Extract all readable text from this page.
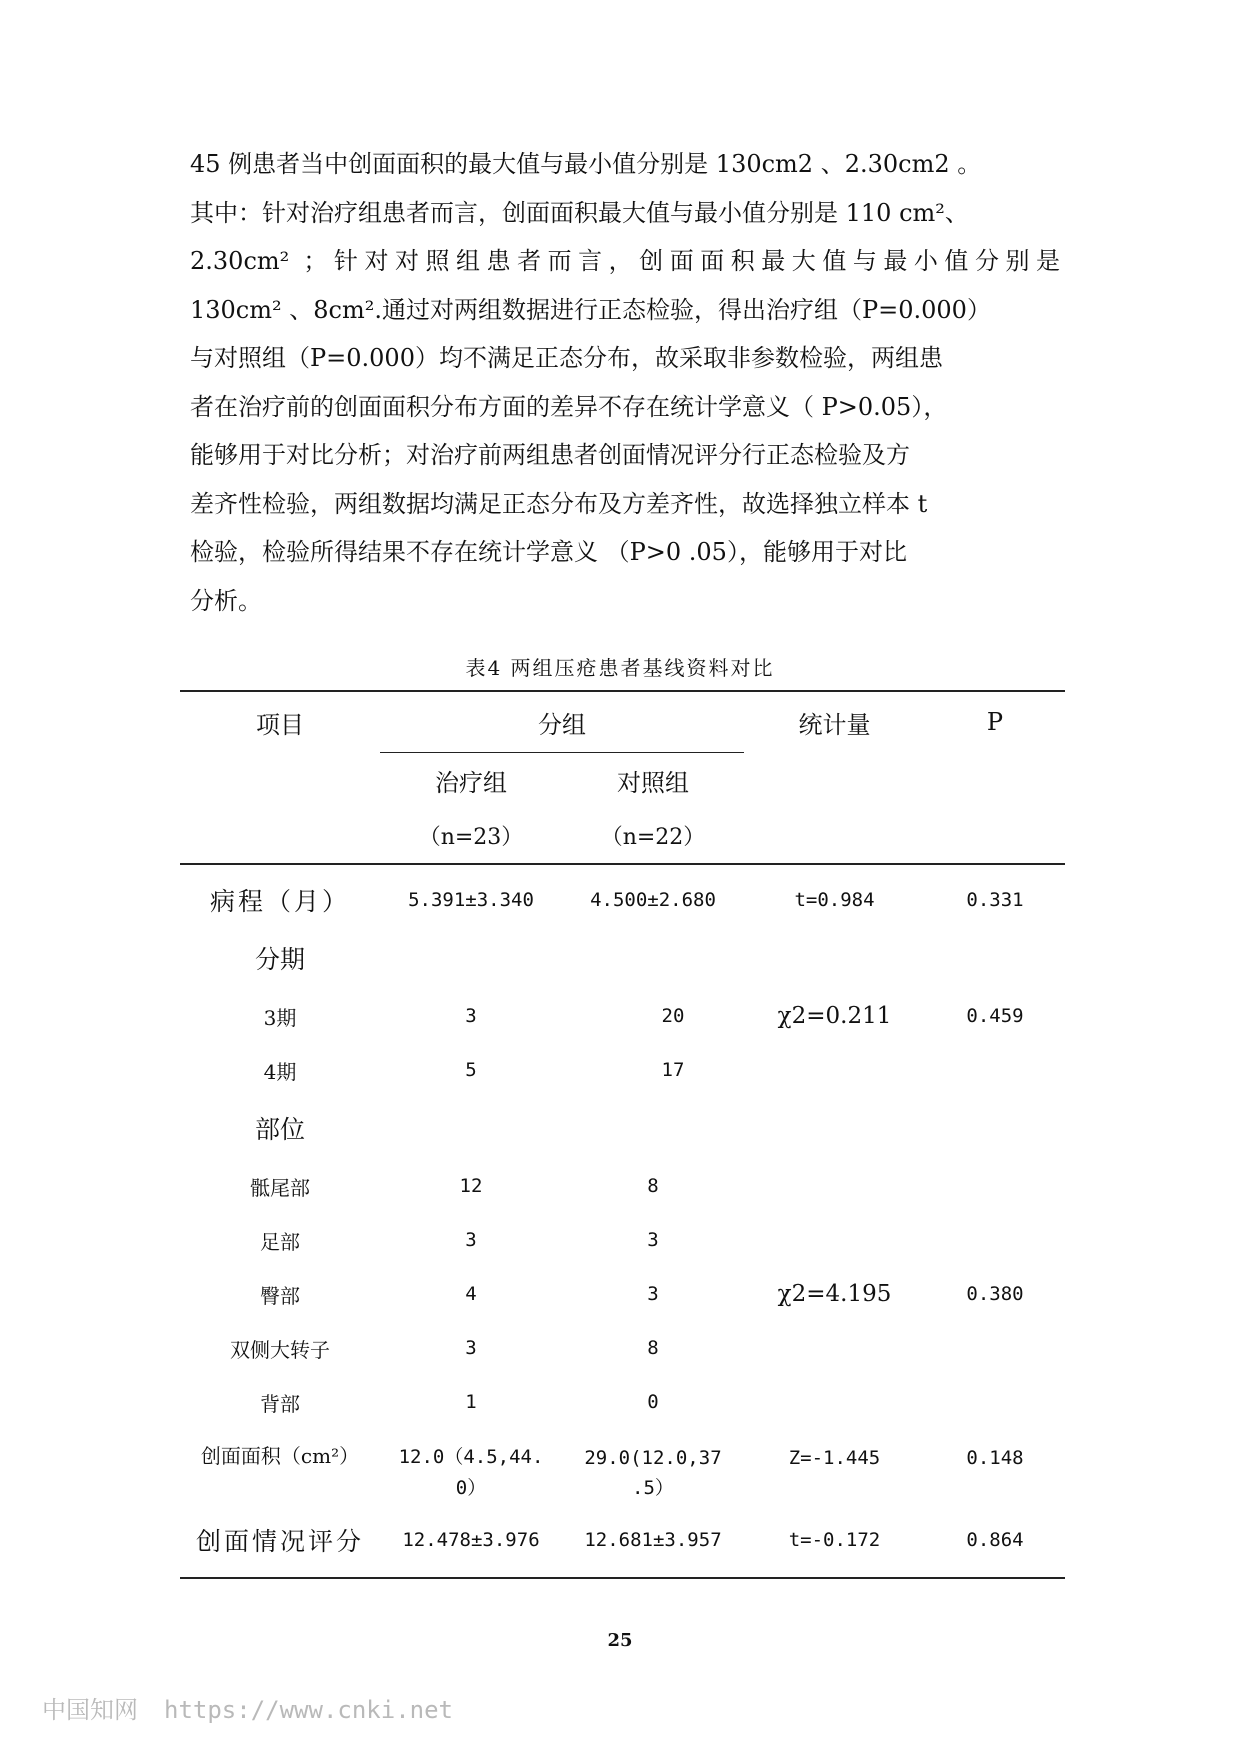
45 例患者当中创面面积的最大值与最小值分别是 130cm2 、2.30cm2 。
其中：针对治疗组患者而言，创面面积最大值与最小值分别是 110 cm²、
2.30cm² ；针对对照组患者而言，创面面积最大值与最小值分别是
130cm² 、8cm².通过对两组数据进行正态检验，得出治疗组（P=0.000）
与对照组（P=0.000）均不满足正态分布，故采取非参数检验，两组患
者在治疗前的创面面积分布方面的差异不存在统计学意义（ P>0.05），
能够用于对比分析；对治疗前两组患者创面情况评分行正态检验及方
差齐性检验，两组数据均满足正态分布及方差齐性，故选择独立样本 t
检验，检验所得结果不存在统计学意义 （P>0 .05），能够用于对比
分析。
表4 两组压疮患者基线资料对比
项目	分组		统计量	P
	治疗组	对照组		
	（n=23）	（n=22）		
病程（月）	5.391±3.340	4.500±2.680	t=0.984	0.331
分期				
3期	3	20	χ2=0.211	0.459
4期	5	17		
部位				
骶尾部	12	8		
足部	3	3		
臀部	4	3	χ2=4.195	0.380
双侧大转子	3	8		
背部	1	0		
创面面积（cm²）	12.0（4.5,44.	29.0(12.0,37	Z=-1.445	0.148
	0）	.5）		
创面情况评分	12.478±3.976	12.681±3.957	t=-0.172	0.864
25
中国知网 https://www.cnki.net
